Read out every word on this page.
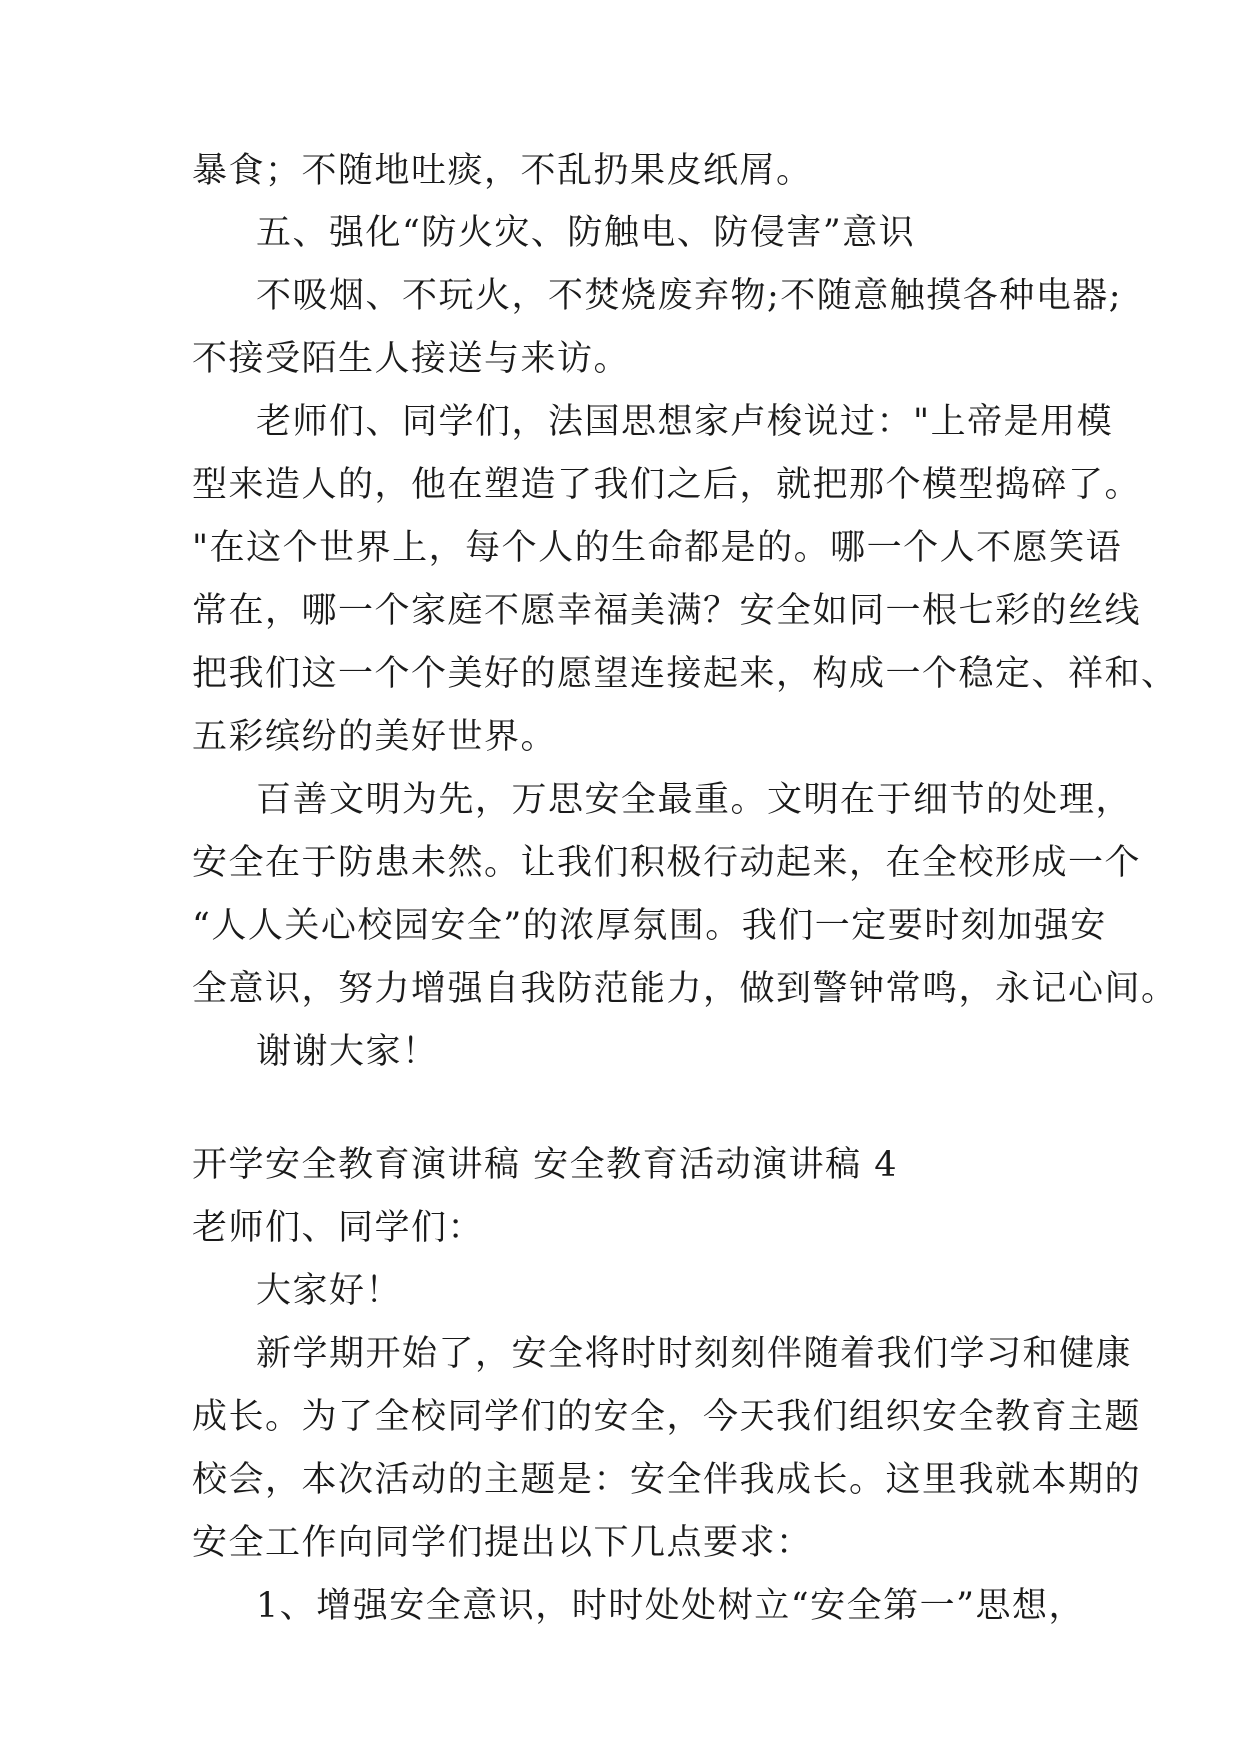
暴食；不随地吐痰，不乱扔果皮纸屑。
五、强化“防火灾、防触电、防侵害”意识
不吸烟、不玩火，不焚烧废弃物;不随意触摸各种电器;
不接受陌生人接送与来访。
老师们、同学们，法国思想家卢梭说过："上帝是用模
型来造人的，他在塑造了我们之后，就把那个模型捣碎了。
"在这个世界上，每个人的生命都是的。哪一个人不愿笑语
常在，哪一个家庭不愿幸福美满？安全如同一根七彩的丝线
把我们这一个个美好的愿望连接起来，构成一个稳定、祥和、
五彩缤纷的美好世界。
百善文明为先，万思安全最重。文明在于细节的处理，
安全在于防患未然。让我们积极行动起来，在全校形成一个
“人人关心校园安全”的浓厚氛围。我们一定要时刻加强安
全意识，努力增强自我防范能力，做到警钟常鸣，永记心间。
谢谢大家！
开学安全教育演讲稿 安全教育活动演讲稿 4
老师们、同学们：
大家好！
新学期开始了，安全将时时刻刻伴随着我们学习和健康
成长。为了全校同学们的安全，今天我们组织安全教育主题
校会，本次活动的主题是：安全伴我成长。这里我就本期的
安全工作向同学们提出以下几点要求：
1、增强安全意识，时时处处树立“安全第一”思想，
